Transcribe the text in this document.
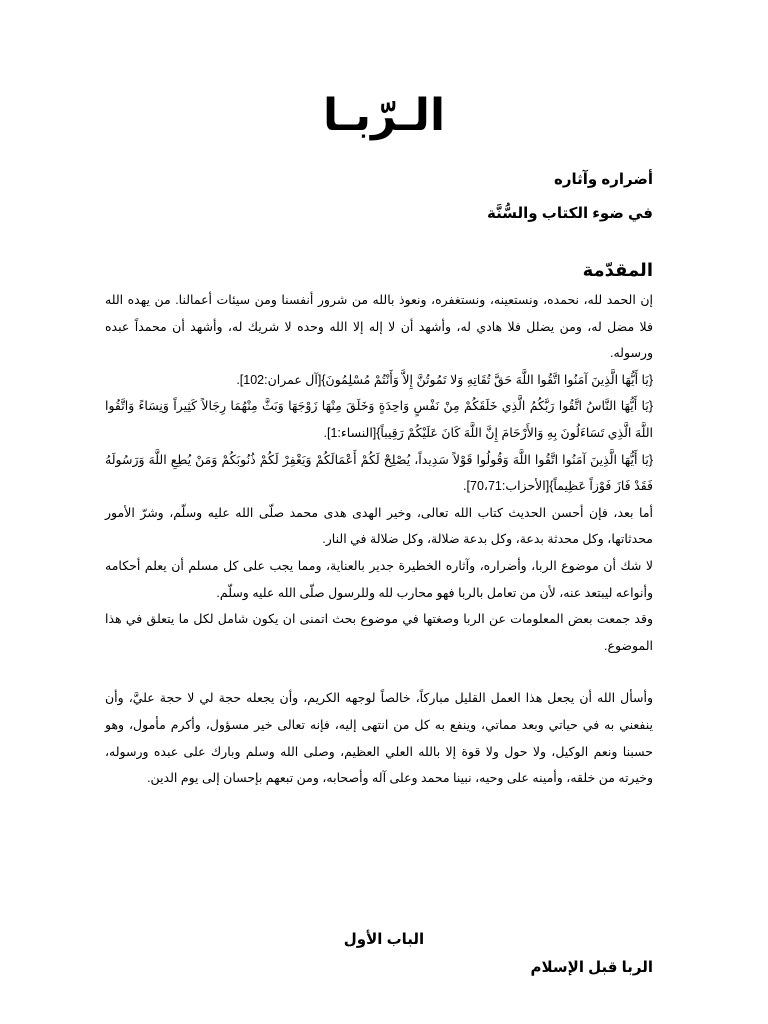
الـرّبـا
أضراره وآثاره
في ضوء الكتاب والسُّنَّة
المقدّمة

إن الحمد لله، نحمده، ونستعينه، ونستغفره، ونعوذ بالله من شرور أنفسنا ومن سيئات أعمالنا. من يهده الله فلا مضل له، ومن يضلل فلا هادي له، وأشهد أن لا إله إلا الله وحده لا شريك له، وأشهد أن محمداً عبده ورسوله.

{يَا أَيُّهَا الَّذِينَ آمَنُوا اتَّقُوا اللَّهَ حَقَّ تُقَاتِهِ وَلا تَمُوتُنَّ إِلاَّ وَأَنْتُمْ مُسْلِمُونَ}[آل عمران:102].

{يَا أَيُّهَا النَّاسُ اتَّقُوا رَبَّكُمُ الَّذِي خَلَقَكُمْ مِنْ نَفْسٍ وَاحِدَةٍ وَخَلَقَ مِنْهَا زَوْجَهَا وَبَثَّ مِنْهُمَا رِجَالاً كَثِيراً وَنِسَاءً وَاتَّقُوا اللَّهَ الَّذِي تَسَاءَلُونَ بِهِ وَالأَرْحَامَ إِنَّ اللَّهَ كَانَ عَلَيْكُمْ رَقِيباً}[النساء:1].

{يَا أَيُّهَا الَّذِينَ آمَنُوا اتَّقُوا اللَّهَ وَقُولُوا قَوْلاً سَدِيداً، يُصْلِحْ لَكُمْ أَعْمَالَكُمْ وَيَغْفِرْ لَكُمْ ذُنُوبَكُمْ وَمَنْ يُطِعِ اللَّهَ وَرَسُولَهُ فَقَدْ فَازَ فَوْزاً عَظِيماً}[الأحزاب:70،71].

أما بعد، فإن أحسن الحديث كتاب الله تعالى، وخير الهدى هدى محمد صلّى الله عليه وسلّم، وشرّ الأمور محدثاتها، وكل محدثة بدعة، وكل بدعة ضلالة، وكل ضلالة في النار.

لا شك أن موضوع الربا، وأضراره، وآثاره الخطيرة جدير بالعناية، ومما يجب على كل مسلم أن يعلم أحكامه وأنواعه ليبتعد عنه، لأن من تعامل بالربا فهو محارب لله وللرسول صلّى الله عليه وسلّم.

وقد جمعت بعض المعلومات عن الربا وصغتها في موضوع بحث اتمنى ان يكون شامل لكل ما يتعلق في هذا الموضوع.

وأسأل الله أن يجعل هذا العمل القليل مباركاً، خالصاً لوجهه الكريم، وأن يجعله حجة لي لا حجة عليَّ، وأن ينفعني به في حياتي وبعد مماتي، وينفع به كل من انتهى إليه، فإنه تعالى خير مسؤول، وأكرم مأمول، وهو حسبنا ونعم الوكيل، ولا حول ولا قوة إلا بالله العلي العظيم، وصلى الله وسلم وبارك على عبده ورسوله، وخيرته من خلقه، وأمينه على وحيه، نبينا محمد وعلى آله وأصحابه، ومن تبعهم بإحسان إلى يوم الدين.

الباب الأول
الربا قبل الإسلام
